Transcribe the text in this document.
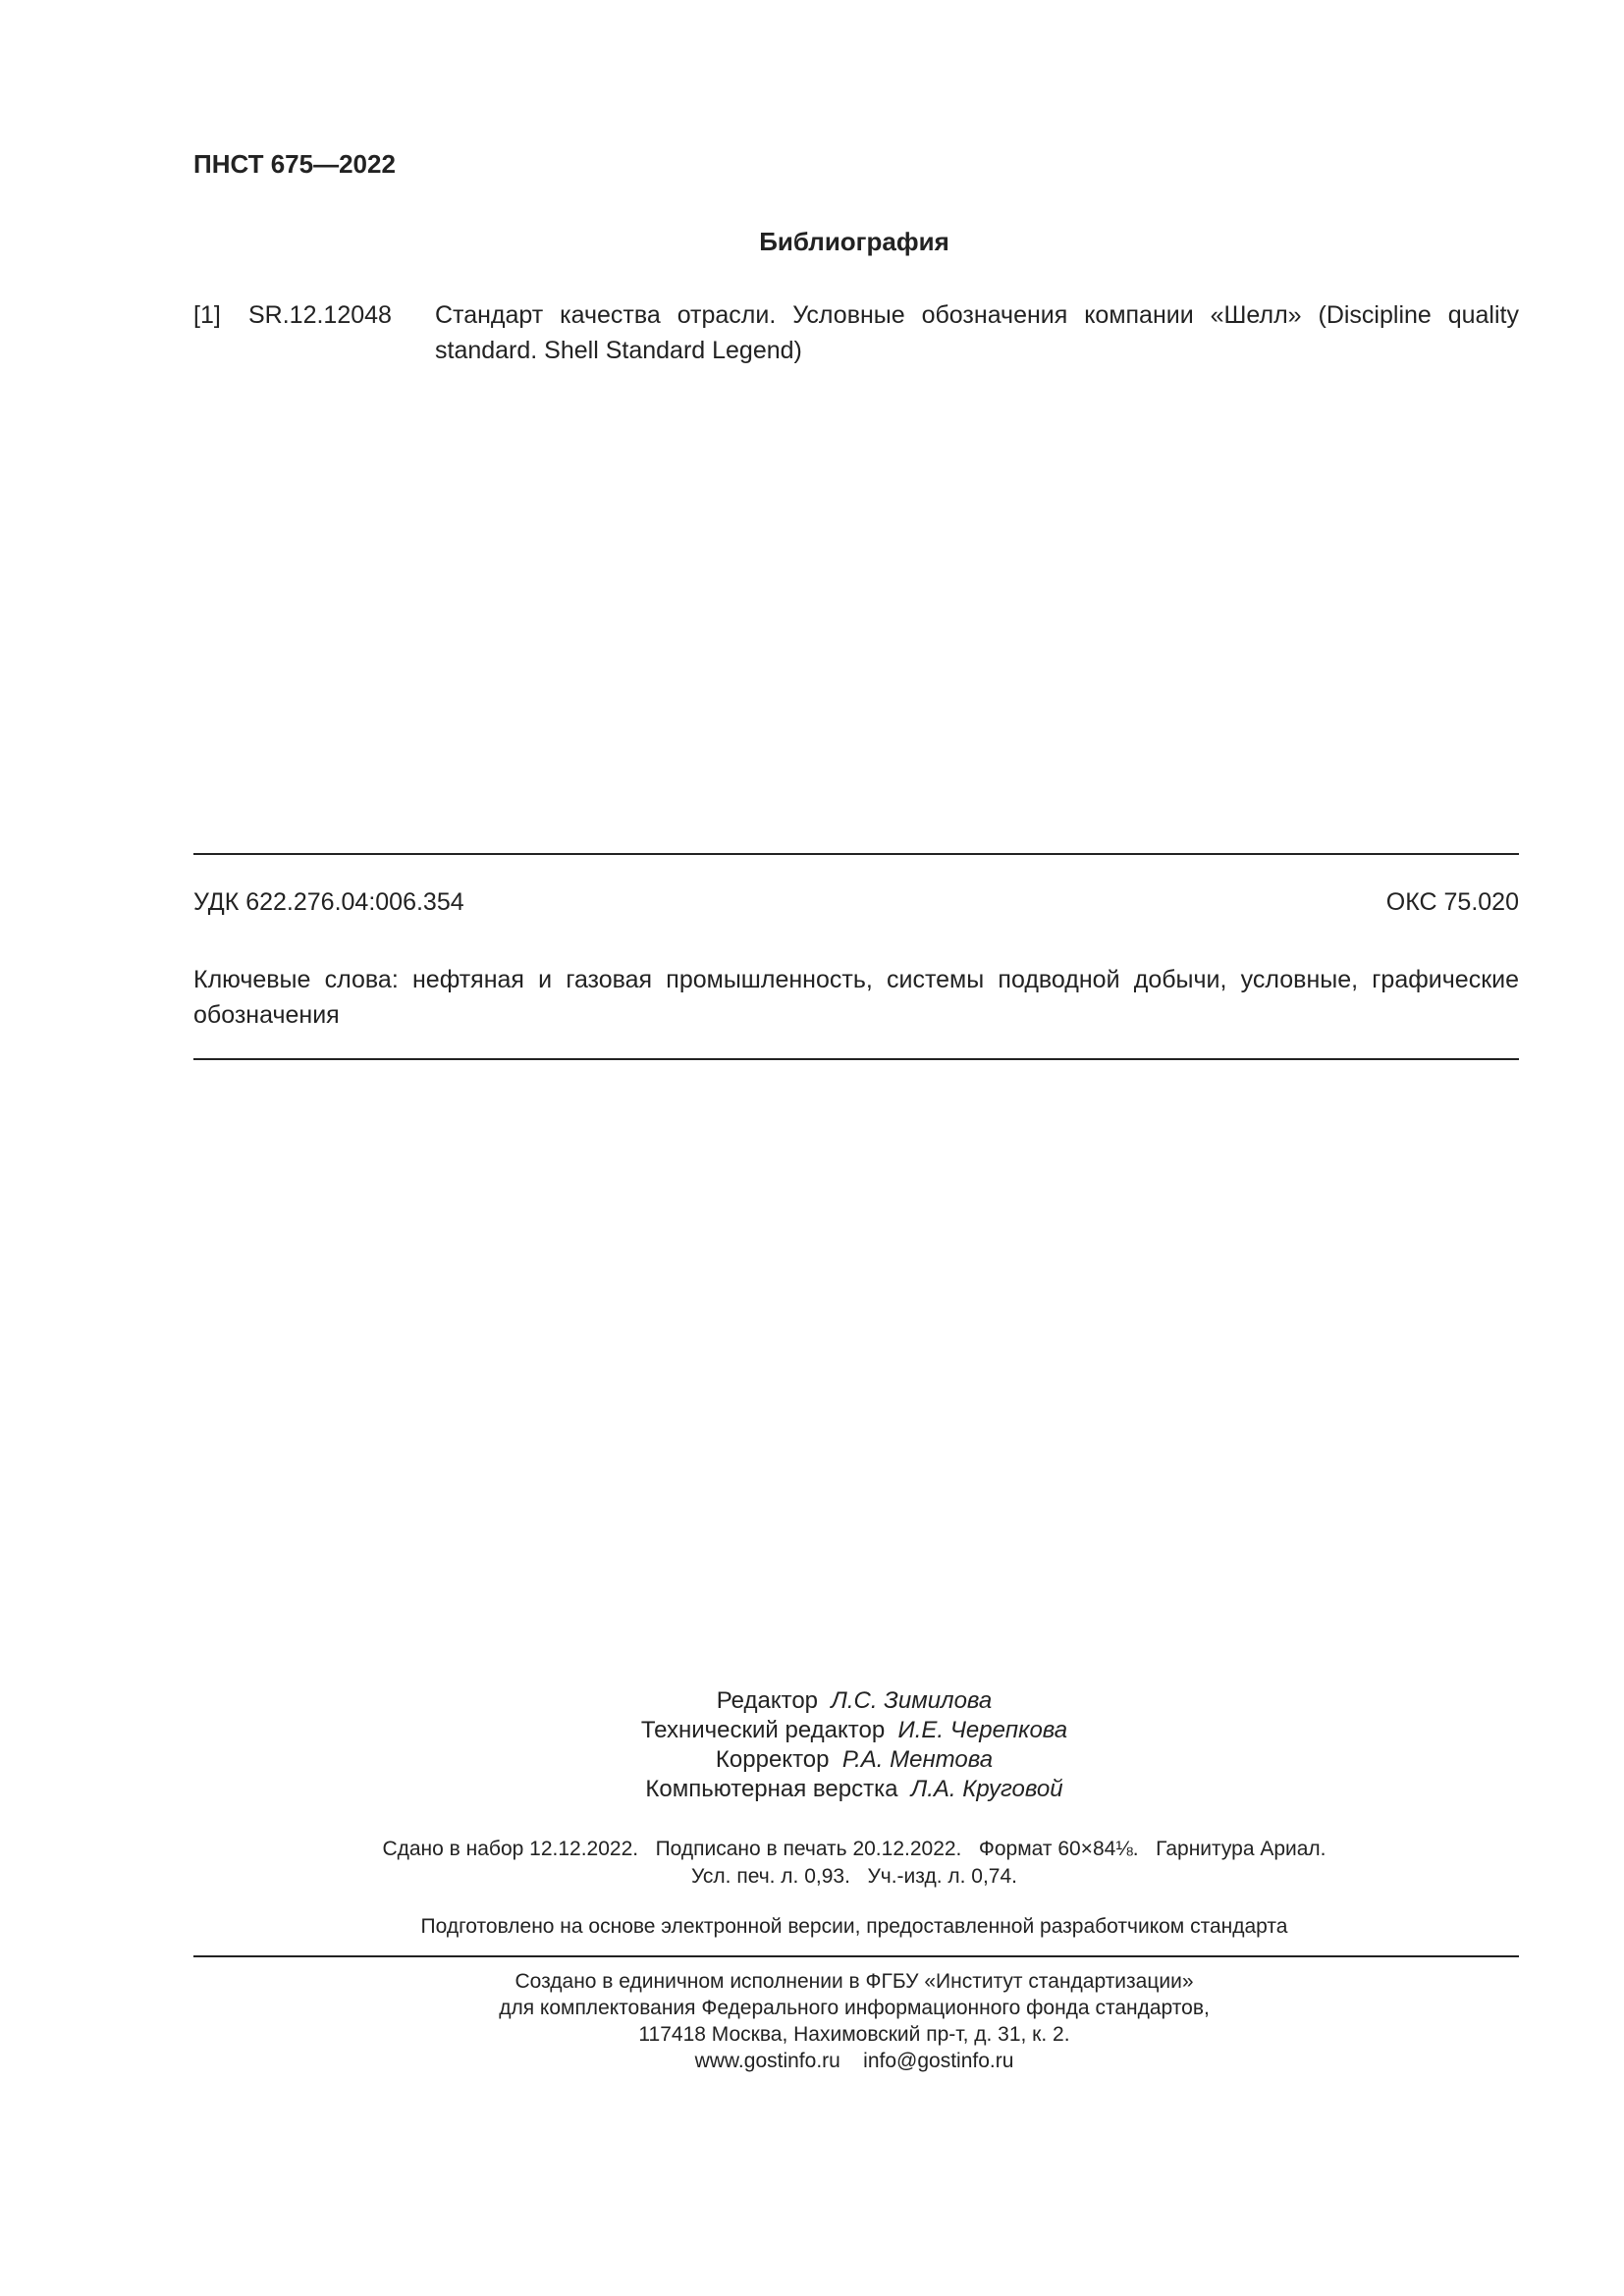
ПНСТ 675—2022
Библиография
[1] SR.12.12048 Стандарт качества отрасли. Условные обозначения компании «Шелл» (Discipline quality standard. Shell Standard Legend)
УДК 622.276.04:006.354	ОКС 75.020
Ключевые слова: нефтяная и газовая промышленность, системы подводной добычи, условные, графические обозначения
Редактор Л.С. Зимилова
Технический редактор И.Е. Черепкова
Корректор Р.А. Ментова
Компьютерная верстка Л.А. Круговой
Сдано в набор 12.12.2022.   Подписано в печать 20.12.2022.   Формат 60×84⅛.   Гарнитура Ариал.
Усл. печ. л. 0,93.   Уч.-изд. л. 0,74.
Подготовлено на основе электронной версии, предоставленной разработчиком стандарта
Создано в единичном исполнении в ФГБУ «Институт стандартизации»
для комплектования Федерального информационного фонда стандартов,
117418 Москва, Нахимовский пр-т, д. 31, к. 2.
www.gostinfo.ru    info@gostinfo.ru
